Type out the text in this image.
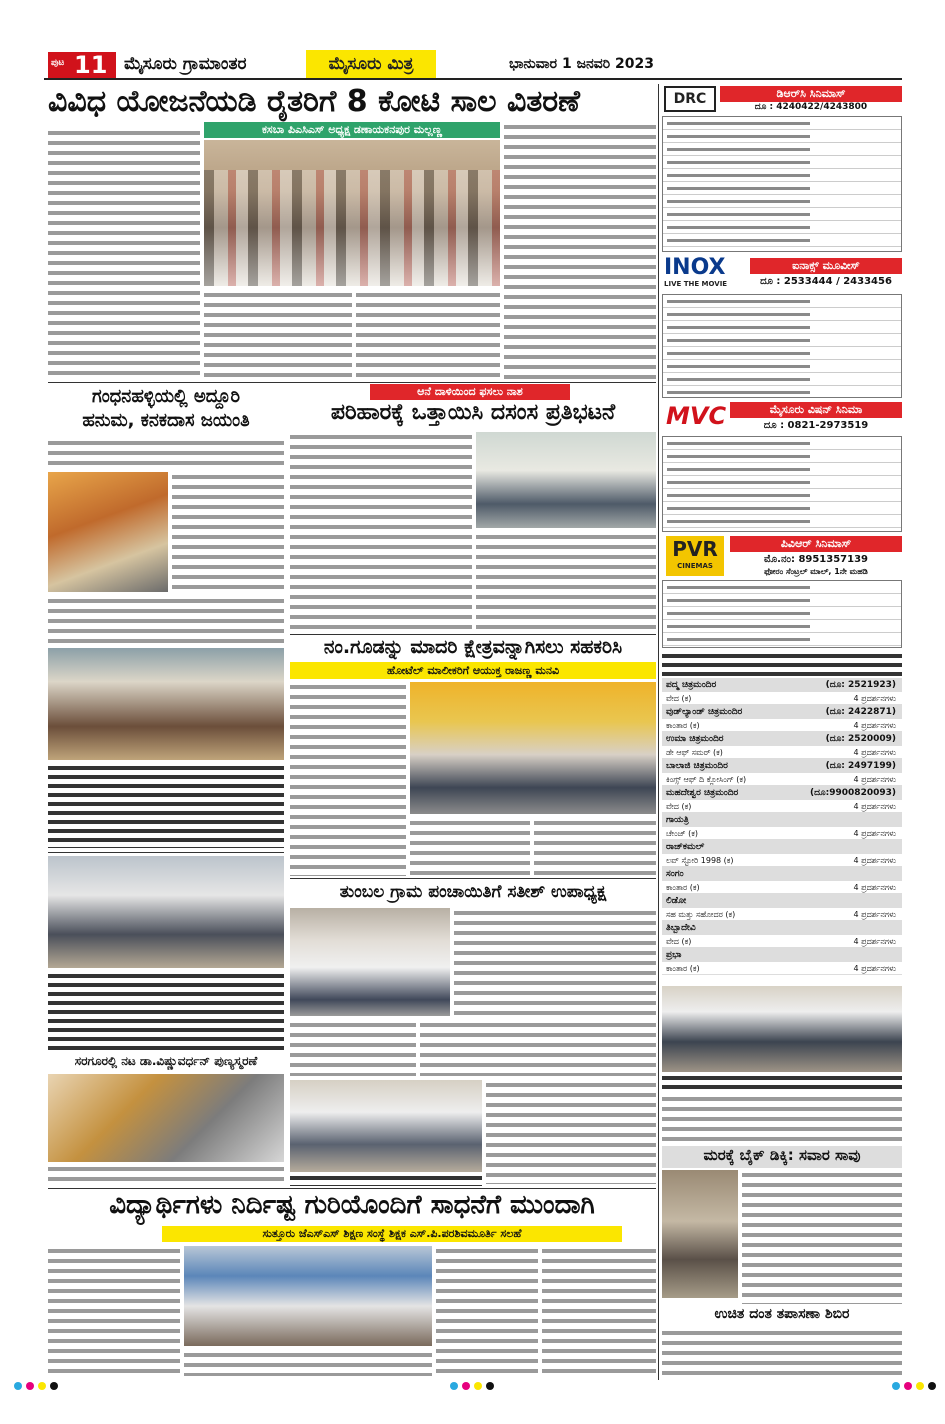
ಪುಟ 11 ಮೈಸೂರು ಗ್ರಾಮಾಂತರ	ಮೈಸೂರು ಮಿತ್ರ	ಭಾನುವಾರ 1 ಜನವರಿ 2023
ವಿವಿಧ ಯೋಜನೆಯಡಿ ರೈತರಿಗೆ 8 ಕೋಟಿ ಸಾಲ ವಿತರಣೆ
ಕಸಬಾ ಪಿಎಸಿಎಸ್ ಅಧ್ಯಕ್ಷ ಡಣಾಯಕನಪುರ ಮಲ್ಲಣ್ಣ
ಗಂಧನಹಳ್ಳಿಯಲ್ಲಿ ಅದ್ದೂರಿ
ಹನುಮ, ಕನಕದಾಸ ಜಯಂತಿ
ಆನೆ ದಾಳಿಯಿಂದ ಫಸಲು ನಾಶ
ಪರಿಹಾರಕ್ಕೆ ಒತ್ತಾಯಿಸಿ ದಸಂಸ ಪ್ರತಿಭಟನೆ
ನಂ.ಗೂಡನ್ನು ಮಾದರಿ ಕ್ಷೇತ್ರವನ್ನಾಗಿಸಲು ಸಹಕರಿಸಿ
ಹೋಟೆಲ್ ಮಾಲೀಕರಿಗೆ ಆಯುಕ್ತ ರಾಜಣ್ಣ ಮನವಿ
ಸರಗೂರಲ್ಲಿ ನಟ ಡಾ.ವಿಷ್ಣುವರ್ಧನ್ ಪುಣ್ಯಸ್ಮರಣೆ
ತುಂಬಲ ಗ್ರಾಮ ಪಂಚಾಯಿತಿಗೆ ಸತೀಶ್ ಉಪಾಧ್ಯಕ್ಷ
ವಿದ್ಯಾರ್ಥಿಗಳು ನಿರ್ದಿಷ್ಟ ಗುರಿಯೊಂದಿಗೆ ಸಾಧನೆಗೆ ಮುಂದಾಗಿ
ಸುತ್ತೂರು ಜೆಎಸ್ಎಸ್ ಶಿಕ್ಷಣ ಸಂಸ್ಥೆ ಶಿಕ್ಷಕ ಎಸ್.ಪಿ.ಪರಶಿವಮೂರ್ತಿ ಸಲಹೆ
DRC	ಡಿಆರ್‌ಸಿ ಸಿನಿಮಾಸ್
ದೂ : 4240422/4243800
INOX
LIVE THE MOVIE
ಐನಾಕ್ಸ್ ಮೂವೀಸ್
ದೂ : 2533444 / 2433456
MVC	ಮೈಸೂರು ವಿಷನ್ ಸಿನಿಮಾ
ದೂ : 0821-2973519
PVR
CINEMAS
ಪಿವಿಆರ್ ಸಿನಿಮಾಸ್
ಮೊ.ನಂ: 8951357139
ಫೋರಂ ಸೆಂಟ್ರಲ್ ಮಾಲ್, 1ನೇ ಮಹಡಿ
ಮರಕ್ಕೆ ಬೈಕ್ ಡಿಕ್ಕಿ: ಸವಾರ ಸಾವು
ಉಚಿತ ದಂತ ತಪಾಸಣಾ ಶಿಬಿರ
ಪದ್ಮ ಚಿತ್ರಮಂದಿರ	(ದೂ: 2521923)
ವೇದ (ಕ)	4 ಪ್ರದರ್ಶನಗಳು
ವುಡ್‌ಲ್ಯಾಂಡ್ ಚಿತ್ರಮಂದಿರ	(ದೂ: 2422871)
ಕಾಂತಾರ (ಕ)	4 ಪ್ರದರ್ಶನಗಳು
ಉಮಾ ಚಿತ್ರಮಂದಿರ	(ದೂ: 2520009)
ಡೇ ಆಫ್ ಸಮರ್ (ಕ)	4 ಪ್ರದರ್ಶನಗಳು
ಬಾಲಾಜಿ ಚಿತ್ರಮಂದಿರ	(ದೂ: 2497199)
ಕಿಂಗ್ಸ್ ಆಫ್ ದಿ ಕ್ಲೋಸಿಂಗ್ (ಕ)	4 ಪ್ರದರ್ಶನಗಳು
ಮಹದೇಶ್ವರ ಚಿತ್ರಮಂದಿರ	(ದೂ:9900820093)
ವೇದ (ಕ)	4 ಪ್ರದರ್ಶನಗಳು
ಗಾಯತ್ರಿ
ಚೇಂಜ್ (ಕ)	4 ಪ್ರದರ್ಶನಗಳು
ರಾಜ್‌ಕಮಲ್
ಲವ್ ಸ್ಟೋರಿ 1998 (ಕ)	4 ಪ್ರದರ್ಶನಗಳು
ಸಂಗಂ
ಕಾಂತಾರ (ಕ)	4 ಪ್ರದರ್ಶನಗಳು
ಲಿಡೋ
ಸಹ ಮತ್ತು ಸಹೋದರ (ಕ)	4 ಪ್ರದರ್ಶನಗಳು
ತಿಬ್ಬಾದೇವಿ
ವೇದ (ಕ)	4 ಪ್ರದರ್ಶನಗಳು
ಪ್ರಭಾ
ಕಾಂತಾರ (ಕ)	4 ಪ್ರದರ್ಶನಗಳು
